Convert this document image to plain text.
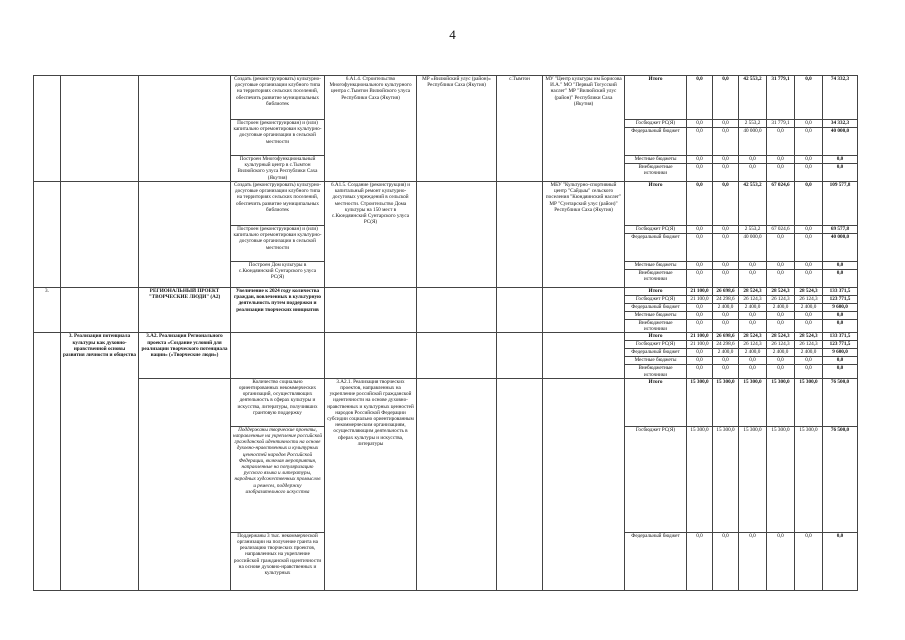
4
			Создать (реконструировать) культурно-досуговые организации клубного типа на территориях сельских поселений, обеспечить развитие муниципальных библиотек	6.А1.4. Строительство Многофункционального культурного центра с.Тымтон Вилюйского улуса Республики Саха (Якутия)	МР «Вилюйский улус (район)» Республики Саха (Якутия)	с.Тымтон	МУ "Центр культуры им Борисова И.А." МО "Первый Тогусский наслег" МР "Вилюйский улус (район)" Республики Саха (Якутия)	Итого	0,0	0,0	42 553,2	31 779,1	0,0	74 332,3
			Построен (реконструирован) и (или) капитально отремонтирован культурно-досуговые организации в сельской местности					Госбюджет РС(Я)	0,0	0,0	2 553,2	31 779,1	0,0	34 332,3
								Федеральный бюджет	0,0	0,0	40 000,0	0,0	0,0	40 000,0
			Построен Многофункциональный культурный центр в с.Тымтон Вилюйского улуса Республики Саха (Якутия)					Местные бюджеты	0,0	0,0	0,0	0,0	0,0	0,0
								Внебюджетные источники	0,0	0,0	0,0	0,0	0,0	0,0
			Создать (реконструировать) культурно-досуговые организации клубного типа на территориях сельских поселений, обеспечить развитие муниципальных библиотек	6.А1.5. Создание (реконструкция) и капитальный ремонт культурно-досуговых учреждений в сельской местности. Строительство Дома культуры на 150 мест в с.Кюндяинский Сунтарского улуса РС(Я)			МБУ "Культурно-спортивный центр "Сайдыы" сельского поселения "Кюндяинский наслег" МР "Сунтарский улус (район)" Республики Саха (Якутия)	Итого	0,0	0,0	42 553,2	67 024,6	0,0	109 577,8
			Построен (реконструирован) и (или) капитально отремонтирован культурно-досуговые организации в сельской местности					Госбюджет РС(Я)	0,0	0,0	2 553,2	67 024,6	0,0	69 577,8
								Федеральный бюджет	0,0	0,0	40 000,0	0,0	0,0	40 000,0
			Построен Дом культуры в с.Кюндяинский Сунтарского улуса РС(Я)					Местные бюджеты	0,0	0,0	0,0	0,0	0,0	0,0
								Внебюджетные источники	0,0	0,0	0,0	0,0	0,0	0,0
3.		РЕГИОНАЛЬНЫЙ ПРОЕКТ "ТВОРЧЕСКИЕ ЛЮДИ" (А2)	Увеличение к 2024 году количества граждан, вовлеченных в культурную деятельность путем поддержки и реализации творческих инициатив					Итого	21 100,0	26 698,6	28 524,3	28 524,3	28 524,3	133 371,5
								Госбюджет РС(Я)	21 100,0	24 298,6	26 124,3	26 124,3	26 124,3	123 771,5
								Федеральный бюджет	0,0	2 400,0	2 400,0	2 400,0	2 400,0	9 600,0
								Местные бюджеты	0,0	0,0	0,0	0,0	0,0	0,0
								Внебюджетные источники	0,0	0,0	0,0	0,0	0,0	0,0
	3. Реализация потенциала культуры как духовно-нравственной основы развития личности и общества	3.А2. Реализация Регионального проекта «Создание условий для реализации творческого потенциала нации» («Творческие люди»)						Итого	21 100,0	26 698,6	28 524,3	28 524,3	28 524,3	133 371,5
								Госбюджет РС(Я)	21 100,0	24 298,6	26 124,3	26 124,3	26 124,3	123 771,5
								Федеральный бюджет	0,0	2 400,0	2 400,0	2 400,0	2 400,0	9 600,0
								Местные бюджеты	0,0	0,0	0,0	0,0	0,0	0,0
								Внебюджетные источники	0,0	0,0	0,0	0,0	0,0	0,0
			Количество социально ориентированных некоммерческих организаций, осуществляющих деятельность в сферах культуры и искусства, литературы, получивших грантовую поддержку	3.А2.1. Реализация творческих проектов, направленных на укрепление российской гражданской идентичности на основе духовно-нравственных и культурных ценностей народов Российской Федерации субсидии социально ориентированным некоммерческим организациям, осуществляющим деятельность в сферах культуры и искусства, литературы				Итого	15 300,0	15 300,0	15 300,0	15 300,0	15 300,0	76 500,0
			Поддержаны творческие проекты, направленные на укрепление российской гражданской идентичности на основе духовно-нравственных и культурных ценностей народов Российской Федерации, включая мероприятия, направленные на популяризацию русского языка и литературы, народных художественных промыслов и ремесел, поддержку изобразительного искусства					Госбюджет РС(Я)	15 300,0	15 300,0	15 300,0	15 300,0	15 300,0	76 500,0
			Поддержаны 3 тыс. некоммерческой организации на получение гранта на реализацию творческих проектов, направленных на укрепление российской гражданской идентичности на основе духовно-нравственных и культурных					Федеральный бюджет	0,0	0,0	0,0	0,0	0,0	0,0
